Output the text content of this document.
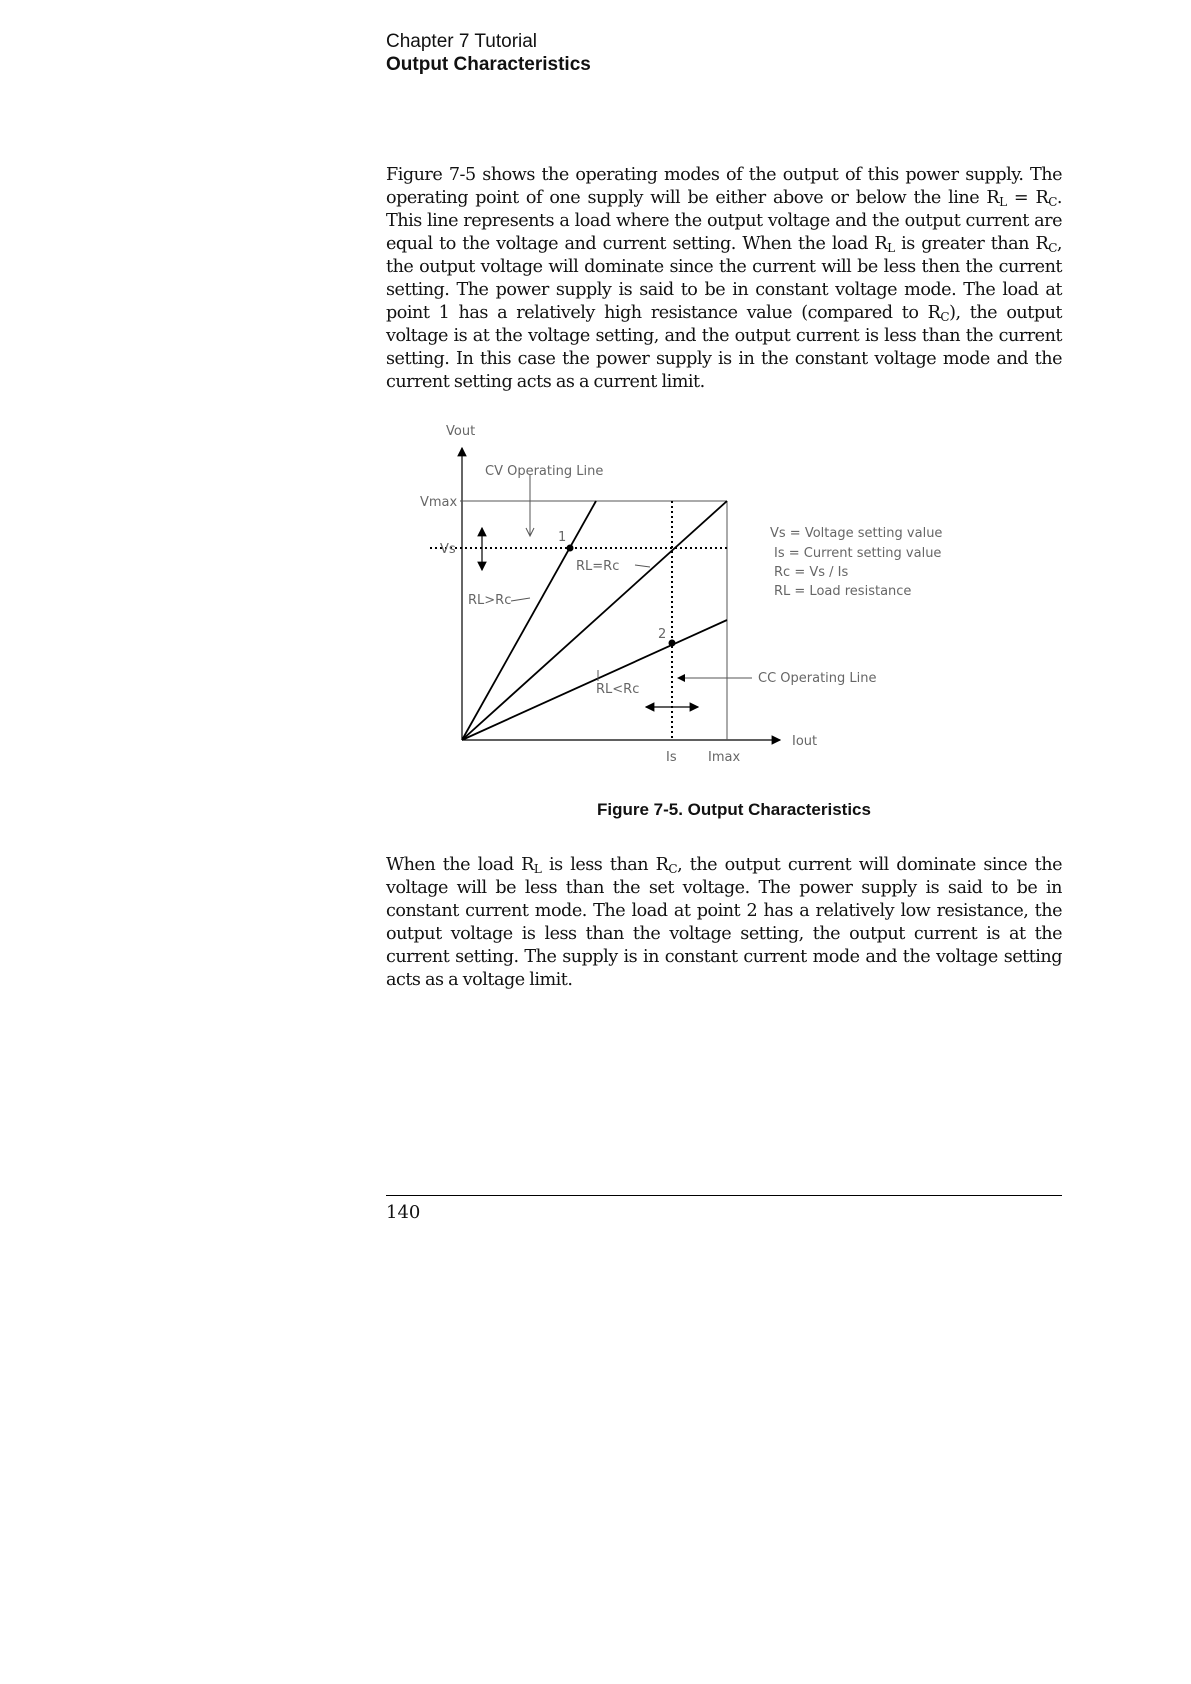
Chapter 7 Tutorial
Output Characteristics
Figure 7-5 shows the operating modes of the output of this power supply. The
operating point of one supply will be either above or below the line $R_L = R_C$.
This line represents a load where the output voltage and the output current are
equal to the voltage and current setting. When the load $R_L$ is greater than $R_C$,
the output voltage will dominate since the current will be less then the current
setting. The power supply is said to be in constant voltage mode. The load at
point 1 has a relatively high resistance value (compared to $R_C$), the output
voltage is at the voltage setting, and the output current is less than the current
setting. In this case the power supply is in the constant voltage mode and the
current setting acts as a current limit.
Vout
Iout
Vmax
Vs
Is Imax
CV Operating Line
CC Operating Line
1
2
RL>Rc
RL=Rc
RL<Rc
Vs = Voltage setting value
Is = Current setting value
Rc = Vs / Is
RL = Load resistance
Figure 7-5. Output Characteristics
When the load $R_L$ is less than $R_C$, the output current will dominate since the
voltage will be less than the set voltage. The power supply is said to be in
constant current mode. The load at point 2 has a relatively low resistance, the
output voltage is less than the voltage setting, the output current is at the
current setting. The supply is in constant current mode and the voltage setting
acts as a voltage limit.
140
